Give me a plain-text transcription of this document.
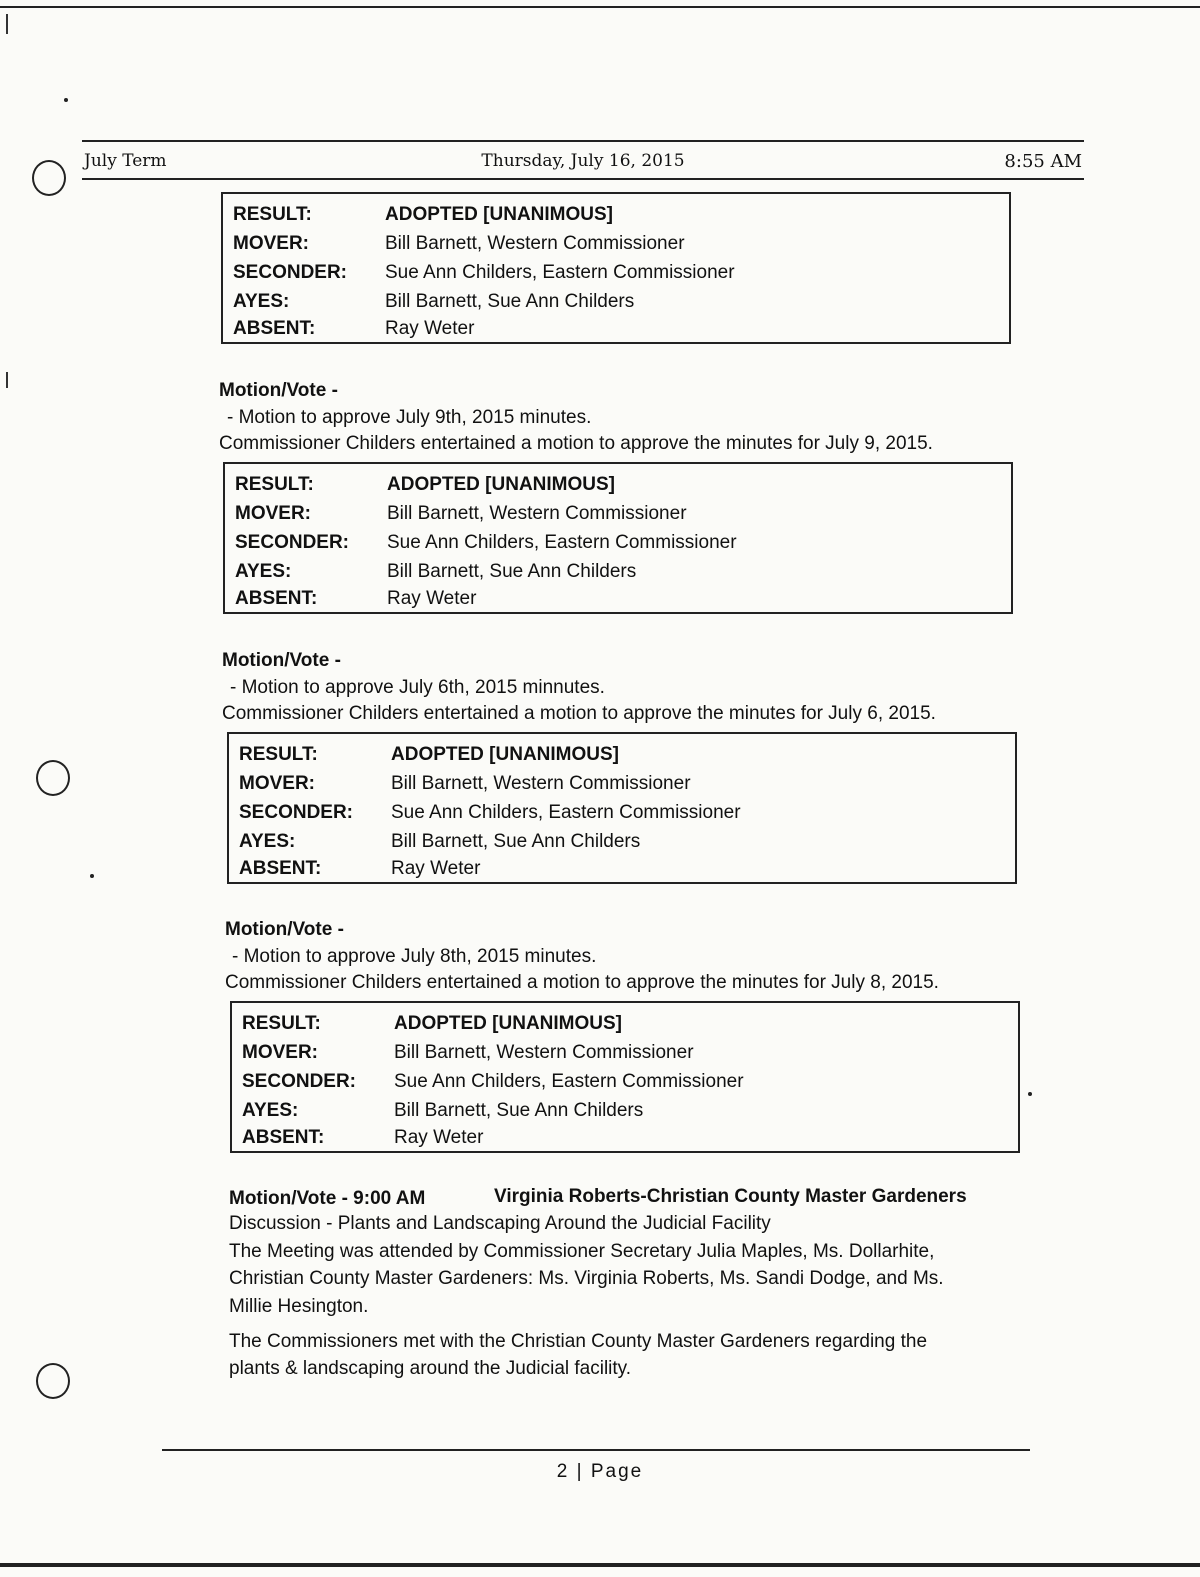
July Term	Thursday, July 16, 2015	8:55 AM
RESULT:	ADOPTED [UNANIMOUS]
MOVER:	Bill Barnett, Western Commissioner
SECONDER: Sue Ann Childers, Eastern Commissioner
AYES:	Bill Barnett, Sue Ann Childers
ABSENT:	Ray Weter
Motion/Vote -
- Motion to approve July 9th, 2015 minutes.
Commissioner Childers entertained a motion to approve the minutes for July 9, 2015.
RESULT:	ADOPTED [UNANIMOUS]
MOVER:	Bill Barnett, Western Commissioner
SECONDER: Sue Ann Childers, Eastern Commissioner
AYES:	Bill Barnett, Sue Ann Childers
ABSENT:	Ray Weter
Motion/Vote -
- Motion to approve July 6th, 2015 minnutes.
Commissioner Childers entertained a motion to approve the minutes for July 6, 2015.
RESULT:	ADOPTED [UNANIMOUS]
MOVER:	Bill Barnett, Western Commissioner
SECONDER: Sue Ann Childers, Eastern Commissioner
AYES:	Bill Barnett, Sue Ann Childers
ABSENT:	Ray Weter
Motion/Vote -
- Motion to approve July 8th, 2015 minutes.
Commissioner Childers entertained a motion to approve the minutes for July 8, 2015.
RESULT:	ADOPTED [UNANIMOUS]
MOVER:	Bill Barnett, Western Commissioner
SECONDER: Sue Ann Childers, Eastern Commissioner
AYES:	Bill Barnett, Sue Ann Childers
ABSENT:	Ray Weter
Motion/Vote - 9:00 AM	Virginia Roberts-Christian County Master Gardeners
Discussion - Plants and Landscaping Around the Judicial Facility
The Meeting was attended by Commissioner Secretary Julia Maples, Ms. Dollarhite,
Christian County Master Gardeners: Ms. Virginia Roberts, Ms. Sandi Dodge, and Ms.
Millie Hesington.
The Commissioners met with the Christian County Master Gardeners regarding the
plants & landscaping around the Judicial facility.
2 | Page
